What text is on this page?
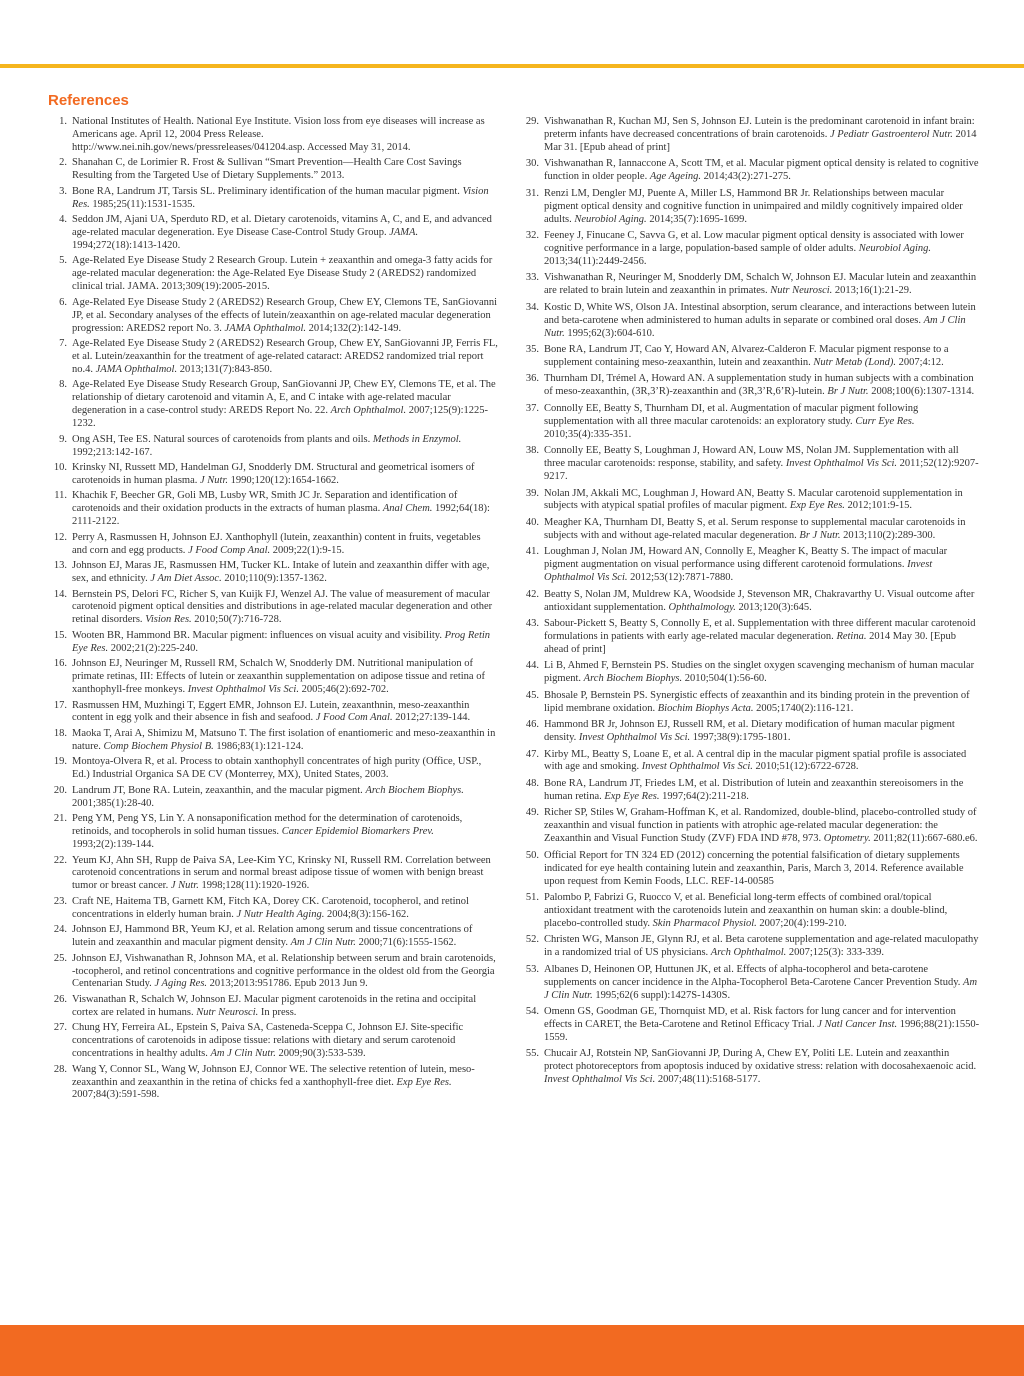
References
1. National Institutes of Health. National Eye Institute. Vision loss from eye diseases will increase as Americans age. April 12, 2004 Press Release. http://www.nei.nih.gov/news/pressreleases/041204.asp. Accessed May 31, 2014.
2. Shanahan C, de Lorimier R. Frost & Sullivan “Smart Prevention—Health Care Cost Savings Resulting from the Targeted Use of Dietary Supplements.” 2013.
3. Bone RA, Landrum JT, Tarsis SL. Preliminary identification of the human macular pigment. Vision Res. 1985;25(11):1531-1535.
4. Seddon JM, Ajani UA, Sperduto RD, et al. Dietary carotenoids, vitamins A, C, and E, and advanced age-related macular degeneration. Eye Disease Case-Control Study Group. JAMA. 1994;272(18):1413-1420.
5. Age-Related Eye Disease Study 2 Research Group. Lutein + zeaxanthin and omega-3 fatty acids for age-related macular degeneration: the Age-Related Eye Disease Study 2 (AREDS2) randomized clinical trial. JAMA. 2013;309(19):2005-2015.
6. Age-Related Eye Disease Study 2 (AREDS2) Research Group, Chew EY, Clemons TE, SanGiovanni JP, et al. Secondary analyses of the effects of lutein/zeaxanthin on age-related macular degeneration progression: AREDS2 report No. 3. JAMA Ophthalmol. 2014;132(2):142-149.
7. Age-Related Eye Disease Study 2 (AREDS2) Research Group, Chew EY, SanGiovanni JP, Ferris FL, et al. Lutein/zeaxanthin for the treatment of age-related cataract: AREDS2 randomized trial report no.4. JAMA Ophthalmol. 2013;131(7):843-850.
8. Age-Related Eye Disease Study Research Group, SanGiovanni JP, Chew EY, Clemons TE, et al. The relationship of dietary carotenoid and vitamin A, E, and C intake with age-related macular degeneration in a case-control study: AREDS Report No. 22. Arch Ophthalmol. 2007;125(9):1225-1232.
9. Ong ASH, Tee ES. Natural sources of carotenoids from plants and oils. Methods in Enzymol. 1992;213:142-167.
10. Krinsky NI, Russett MD, Handelman GJ, Snodderly DM. Structural and geometrical isomers of carotenoids in human plasma. J Nutr. 1990;120(12):1654-1662.
11. Khachik F, Beecher GR, Goli MB, Lusby WR, Smith JC Jr. Separation and identification of carotenoids and their oxidation products in the extracts of human plasma. Anal Chem. 1992;64(18): 2111-2122.
12. Perry A, Rasmussen H, Johnson EJ. Xanthophyll (lutein, zeaxanthin) content in fruits, vegetables and corn and egg products. J Food Comp Anal. 2009;22(1):9-15.
13. Johnson EJ, Maras JE, Rasmussen HM, Tucker KL. Intake of lutein and zeaxanthin differ with age, sex, and ethnicity. J Am Diet Assoc. 2010;110(9):1357-1362.
14. Bernstein PS, Delori FC, Richer S, van Kuijk FJ, Wenzel AJ. The value of measurement of macular carotenoid pigment optical densities and distributions in age-related macular degeneration and other retinal disorders. Vision Res. 2010;50(7):716-728.
15. Wooten BR, Hammond BR. Macular pigment: influences on visual acuity and visibility. Prog Retin Eye Res. 2002;21(2):225-240.
16. Johnson EJ, Neuringer M, Russell RM, Schalch W, Snodderly DM. Nutritional manipulation of primate retinas, III: Effects of lutein or zeaxanthin supplementation on adipose tissue and retina of xanthophyll-free monkeys. Invest Ophthalmol Vis Sci. 2005;46(2):692-702.
17. Rasmussen HM, Muzhingi T, Eggert EMR, Johnson EJ. Lutein, zeaxanthnin, meso-zeaxanthin content in egg yolk and their absence in fish and seafood. J Food Com Anal. 2012;27:139-144.
18. Maoka T, Arai A, Shimizu M, Matsuno T. The first isolation of enantiomeric and meso-zeaxanthin in nature. Comp Biochem Physiol B. 1986;83(1):121-124.
19. Montoya-Olvera R, et al. Process to obtain xanthophyll concentrates of high purity (Office, USP., Ed.) Industrial Organica SA DE CV (Monterrey, MX), United States, 2003.
20. Landrum JT, Bone RA. Lutein, zeaxanthin, and the macular pigment. Arch Biochem Biophys. 2001;385(1):28-40.
21. Peng YM, Peng YS, Lin Y. A nonsaponification method for the determination of carotenoids, retinoids, and tocopherols in solid human tissues. Cancer Epidemiol Biomarkers Prev. 1993;2(2):139-144.
22. Yeum KJ, Ahn SH, Rupp de Paiva SA, Lee-Kim YC, Krinsky NI, Russell RM. Correlation between carotenoid concentrations in serum and normal breast adipose tissue of women with benign breast tumor or breast cancer. J Nutr. 1998;128(11):1920-1926.
23. Craft NE, Haitema TB, Garnett KM, Fitch KA, Dorey CK. Carotenoid, tocopherol, and retinol concentrations in elderly human brain. J Nutr Health Aging. 2004;8(3):156-162.
24. Johnson EJ, Hammond BR, Yeum KJ, et al. Relation among serum and tissue concentrations of lutein and zeaxanthin and macular pigment density. Am J Clin Nutr. 2000;71(6):1555-1562.
25. Johnson EJ, Vishwanathan R, Johnson MA, et al. Relationship between serum and brain carotenoids, -tocopherol, and retinol concentrations and cognitive performance in the oldest old from the Georgia Centenarian Study. J Aging Res. 2013;2013:951786. Epub 2013 Jun 9.
26. Viswanathan R, Schalch W, Johnson EJ. Macular pigment carotenoids in the retina and occipital cortex are related in humans. Nutr Neurosci. In press.
27. Chung HY, Ferreira AL, Epstein S, Paiva SA, Casteneda-Sceppa C, Johnson EJ. Site-specific concentrations of carotenoids in adipose tissue: relations with dietary and serum carotenoid concentrations in healthy adults. Am J Clin Nutr. 2009;90(3):533-539.
28. Wang Y, Connor SL, Wang W, Johnson EJ, Connor WE. The selective retention of lutein, meso-zeaxanthin and zeaxanthin in the retina of chicks fed a xanthophyll-free diet. Exp Eye Res. 2007;84(3):591-598.
29. Vishwanathan R, Kuchan MJ, Sen S, Johnson EJ. Lutein is the predominant carotenoid in infant brain: preterm infants have decreased concentrations of brain carotenoids. J Pediatr Gastroenterol Nutr. 2014 Mar 31. [Epub ahead of print]
30. Vishwanathan R, Iannaccone A, Scott TM, et al. Macular pigment optical density is related to cognitive function in older people. Age Ageing. 2014;43(2):271-275.
31. Renzi LM, Dengler MJ, Puente A, Miller LS, Hammond BR Jr. Relationships between macular pigment optical density and cognitive function in unimpaired and mildly cognitively impaired older adults. Neurobiol Aging. 2014;35(7):1695-1699.
32. Feeney J, Finucane C, Savva G, et al. Low macular pigment optical density is associated with lower cognitive performance in a large, population-based sample of older adults. Neurobiol Aging. 2013;34(11):2449-2456.
33. Vishwanathan R, Neuringer M, Snodderly DM, Schalch W, Johnson EJ. Macular lutein and zeaxanthin are related to brain lutein and zeaxanthin in primates. Nutr Neurosci. 2013;16(1):21-29.
34. Kostic D, White WS, Olson JA. Intestinal absorption, serum clearance, and interactions between lutein and beta-carotene when administered to human adults in separate or combined oral doses. Am J Clin Nutr. 1995;62(3):604-610.
35. Bone RA, Landrum JT, Cao Y, Howard AN, Alvarez-Calderon F. Macular pigment response to a supplement containing meso-zeaxanthin, lutein and zeaxanthin. Nutr Metab (Lond). 2007;4:12.
36. Thurnham DI, Trémel A, Howard AN. A supplementation study in human subjects with a combination of meso-zeaxanthin, (3R,3’R)-zeaxanthin and (3R,3’R,6’R)-lutein. Br J Nutr. 2008;100(6):1307-1314.
37. Connolly EE, Beatty S, Thurnham DI, et al. Augmentation of macular pigment following supplementation with all three macular carotenoids: an exploratory study. Curr Eye Res. 2010;35(4):335-351.
38. Connolly EE, Beatty S, Loughman J, Howard AN, Louw MS, Nolan JM. Supplementation with all three macular carotenoids: response, stability, and safety. Invest Ophthalmol Vis Sci. 2011;52(12):9207-9217.
39. Nolan JM, Akkali MC, Loughman J, Howard AN, Beatty S. Macular carotenoid supplementation in subjects with atypical spatial profiles of macular pigment. Exp Eye Res. 2012;101:9-15.
40. Meagher KA, Thurnham DI, Beatty S, et al. Serum response to supplemental macular carotenoids in subjects with and without age-related macular degeneration. Br J Nutr. 2013;110(2):289-300.
41. Loughman J, Nolan JM, Howard AN, Connolly E, Meagher K, Beatty S. The impact of macular pigment augmentation on visual performance using different carotenoid formulations. Invest Ophthalmol Vis Sci. 2012;53(12):7871-7880.
42. Beatty S, Nolan JM, Muldrew KA, Woodside J, Stevenson MR, Chakravarthy U. Visual outcome after antioxidant supplementation. Ophthalmology. 2013;120(3):645.
43. Sabour-Pickett S, Beatty S, Connolly E, et al. Supplementation with three different macular carotenoid formulations in patients with early age-related macular degeneration. Retina. 2014 May 30. [Epub ahead of print]
44. Li B, Ahmed F, Bernstein PS. Studies on the singlet oxygen scavenging mechanism of human macular pigment. Arch Biochem Biophys. 2010;504(1):56-60.
45. Bhosale P, Bernstein PS. Synergistic effects of zeaxanthin and its binding protein in the prevention of lipid membrane oxidation. Biochim Biophys Acta. 2005;1740(2):116-121.
46. Hammond BR Jr, Johnson EJ, Russell RM, et al. Dietary modification of human macular pigment density. Invest Ophthalmol Vis Sci. 1997;38(9):1795-1801.
47. Kirby ML, Beatty S, Loane E, et al. A central dip in the macular pigment spatial profile is associated with age and smoking. Invest Ophthalmol Vis Sci. 2010;51(12):6722-6728.
48. Bone RA, Landrum JT, Friedes LM, et al. Distribution of lutein and zeaxanthin stereoisomers in the human retina. Exp Eye Res. 1997;64(2):211-218.
49. Richer SP, Stiles W, Graham-Hoffman K, et al. Randomized, double-blind, placebo-controlled study of zeaxanthin and visual function in patients with atrophic age-related macular degeneration: the Zeaxanthin and Visual Function Study (ZVF) FDA IND #78, 973. Optometry. 2011;82(11):667-680.e6.
50. Official Report for TN 324 ED (2012) concerning the potential falsification of dietary supplements indicated for eye health containing lutein and zeaxanthin, Paris, March 3, 2014. Reference available upon request from Kemin Foods, LLC. REF-14-00585
51. Palombo P, Fabrizi G, Ruocco V, et al. Beneficial long-term effects of combined oral/topical antioxidant treatment with the carotenoids lutein and zeaxanthin on human skin: a double-blind, placebo-controlled study. Skin Pharmacol Physiol. 2007;20(4):199-210.
52. Christen WG, Manson JE, Glynn RJ, et al. Beta carotene supplementation and age-related maculopathy in a randomized trial of US physicians. Arch Ophthalmol. 2007;125(3): 333-339.
53. Albanes D, Heinonen OP, Huttunen JK, et al. Effects of alpha-tocopherol and beta-carotene supplements on cancer incidence in the Alpha-Tocopherol Beta-Carotene Cancer Prevention Study. Am J Clin Nutr. 1995;62(6 suppl):1427S-1430S.
54. Omenn GS, Goodman GE, Thornquist MD, et al. Risk factors for lung cancer and for intervention effects in CARET, the Beta-Carotene and Retinol Efficacy Trial. J Natl Cancer Inst. 1996;88(21):1550-1559.
55. Chucair AJ, Rotstein NP, SanGiovanni JP, During A, Chew EY, Politi LE. Lutein and zeaxanthin protect photoreceptors from apoptosis induced by oxidative stress: relation with docosahexaenoic acid. Invest Ophthalmol Vis Sci. 2007;48(11):5168-5177.
